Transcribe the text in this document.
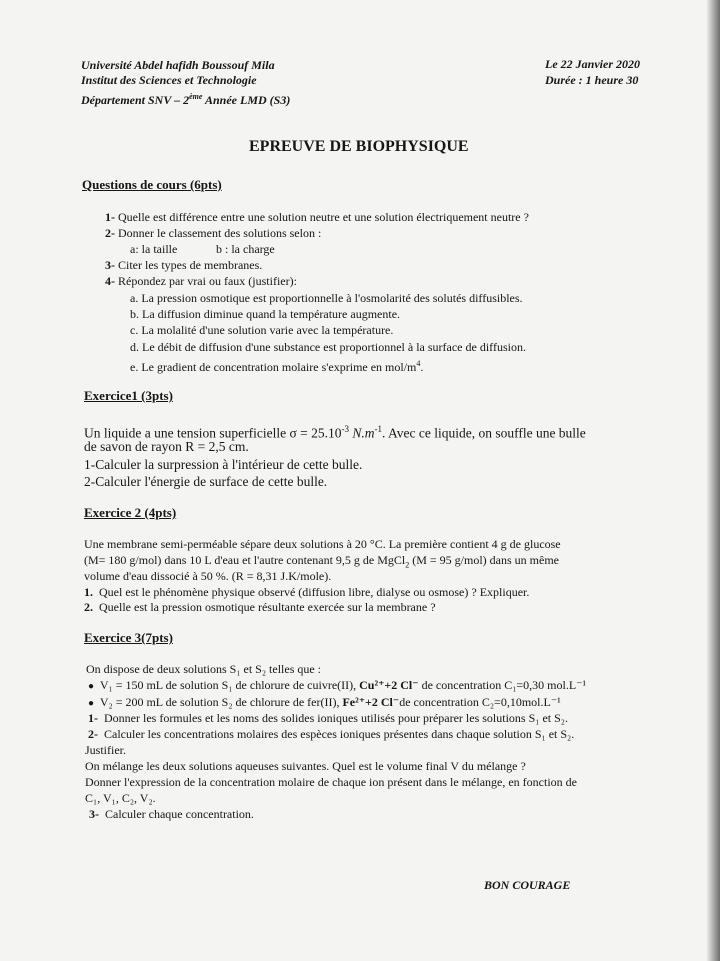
Université Abdel hafidh Boussouf Mila
Institut des Sciences et Technologie
Département SNV – 2ème Année LMD (S3)
Le 22 Janvier 2020
Durée : 1 heure 30
EPREUVE DE BIOPHYSIQUE
Questions de cours (6pts)
1- Quelle est différence entre une solution neutre et une solution électriquement neutre ?
2- Donner le classement des solutions selon :
a: la taille	b : la charge
3- Citer les types de membranes.
4- Répondez par vrai ou faux (justifier):
a. La pression osmotique est proportionnelle à l'osmolarité des solutés diffusibles.
b. La diffusion diminue quand la température augmente.
c. La molalité d'une solution varie avec la température.
d. Le débit de diffusion d'une substance est proportionnel à la surface de diffusion.
e. Le gradient de concentration molaire s'exprime en mol/$m^4$.
Exercice1 (3pts)
Un liquide a une tension superficielle $\sigma = 25.10^{-3}$ $N.m^{-1}$. Avec ce liquide, on souffle une bulle
de savon de rayon R = 2,5 cm.
1-Calculer la surpression à l'intérieur de cette bulle.
2-Calculer l'énergie de surface de cette bulle.
Exercice 2 (4pts)
Une membrane semi-perméable sépare deux solutions à 20 °C. La première contient 4 g de glucose
(M= 180 g/mol) dans 10 L d'eau et l'autre contenant 9,5 g de MgCl$_2$ (M = 95 g/mol) dans un même
volume d'eau dissocié à 50 %. (R = 8,31 J.K/mole).
1. Quel est le phénomène physique observé (diffusion libre, dialyse ou osmose) ? Expliquer.
2. Quelle est la pression osmotique résultante exercée sur la membrane ?
Exercice 3(7pts)
On dispose de deux solutions S₁ et S₂ telles que :
● V₁ = 150 mL de solution S₁ de chlorure de cuivre(II), Cu²⁺+2 Cl⁻ de concentration C₁=0,30 mol.L⁻¹
● V₂ = 200 mL de solution S₂ de chlorure de fer(II), Fe²⁺+2 Cl⁻de concentration C₂=0,10mol.L⁻¹
1- Donner les formules et les noms des solides ioniques utilisés pour préparer les solutions S₁ et S₂.
2- Calculer les concentrations molaires des espèces ioniques présentes dans chaque solution S₁ et S₂.
Justifier.
On mélange les deux solutions aqueuses suivantes. Quel est le volume final V du mélange ?
Donner l'expression de la concentration molaire de chaque ion présent dans le mélange, en fonction de
C₁, V₁, C₂, V₂.
3- Calculer chaque concentration.
BON COURAGE
